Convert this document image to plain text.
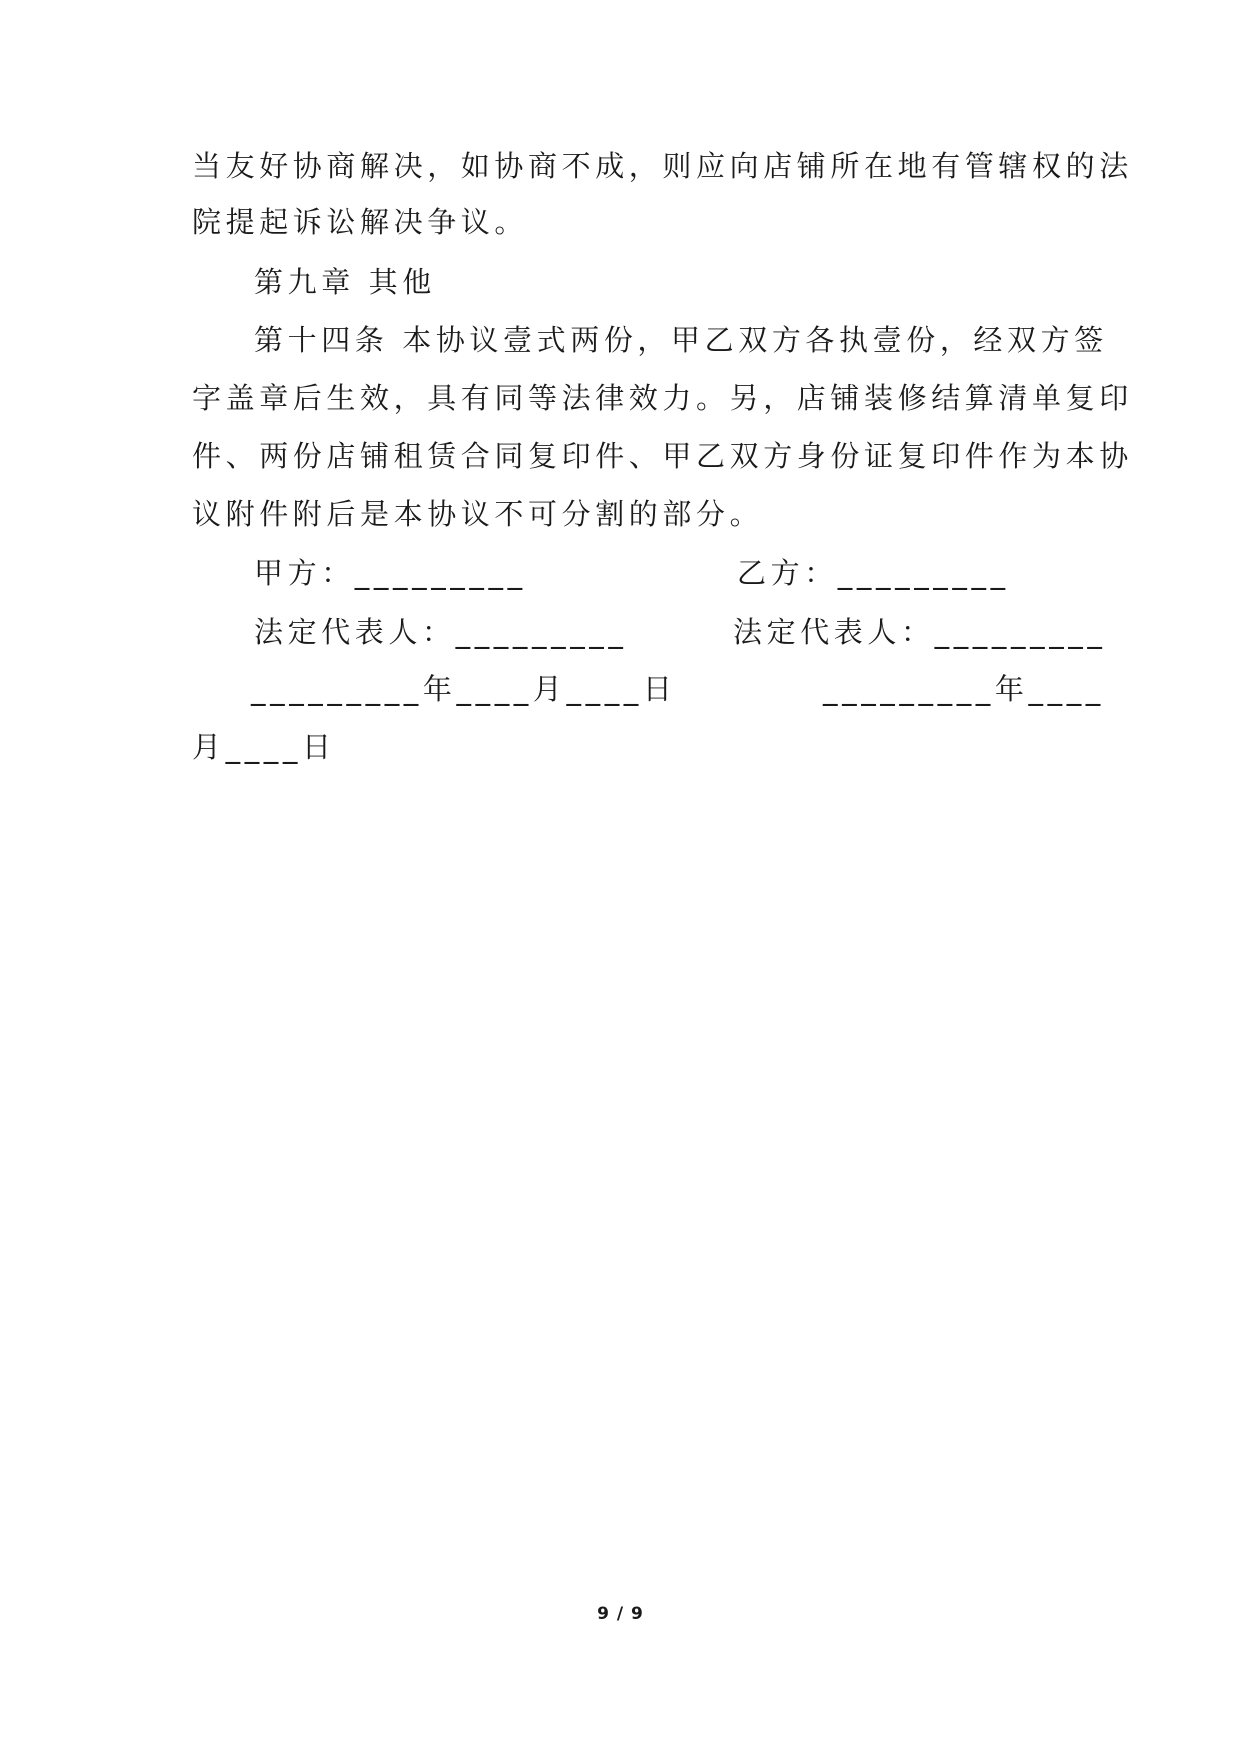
当友好协商解决，如协商不成，则应向店铺所在地有管辖权的法

院提起诉讼解决争议。

第九章 其他

第十四条 本协议壹式两份，甲乙双方各执壹份，经双方签

字盖章后生效，具有同等法律效力。另，店铺装修结算清单复印

件、两份店铺租赁合同复印件、甲乙双方身份证复印件作为本协

议附件附后是本协议不可分割的部分。

甲方：_________	乙方：_________
法定代表人：_________	法定代表人：_________
_________年____月____日	_________年____
月____日
9 / 9
